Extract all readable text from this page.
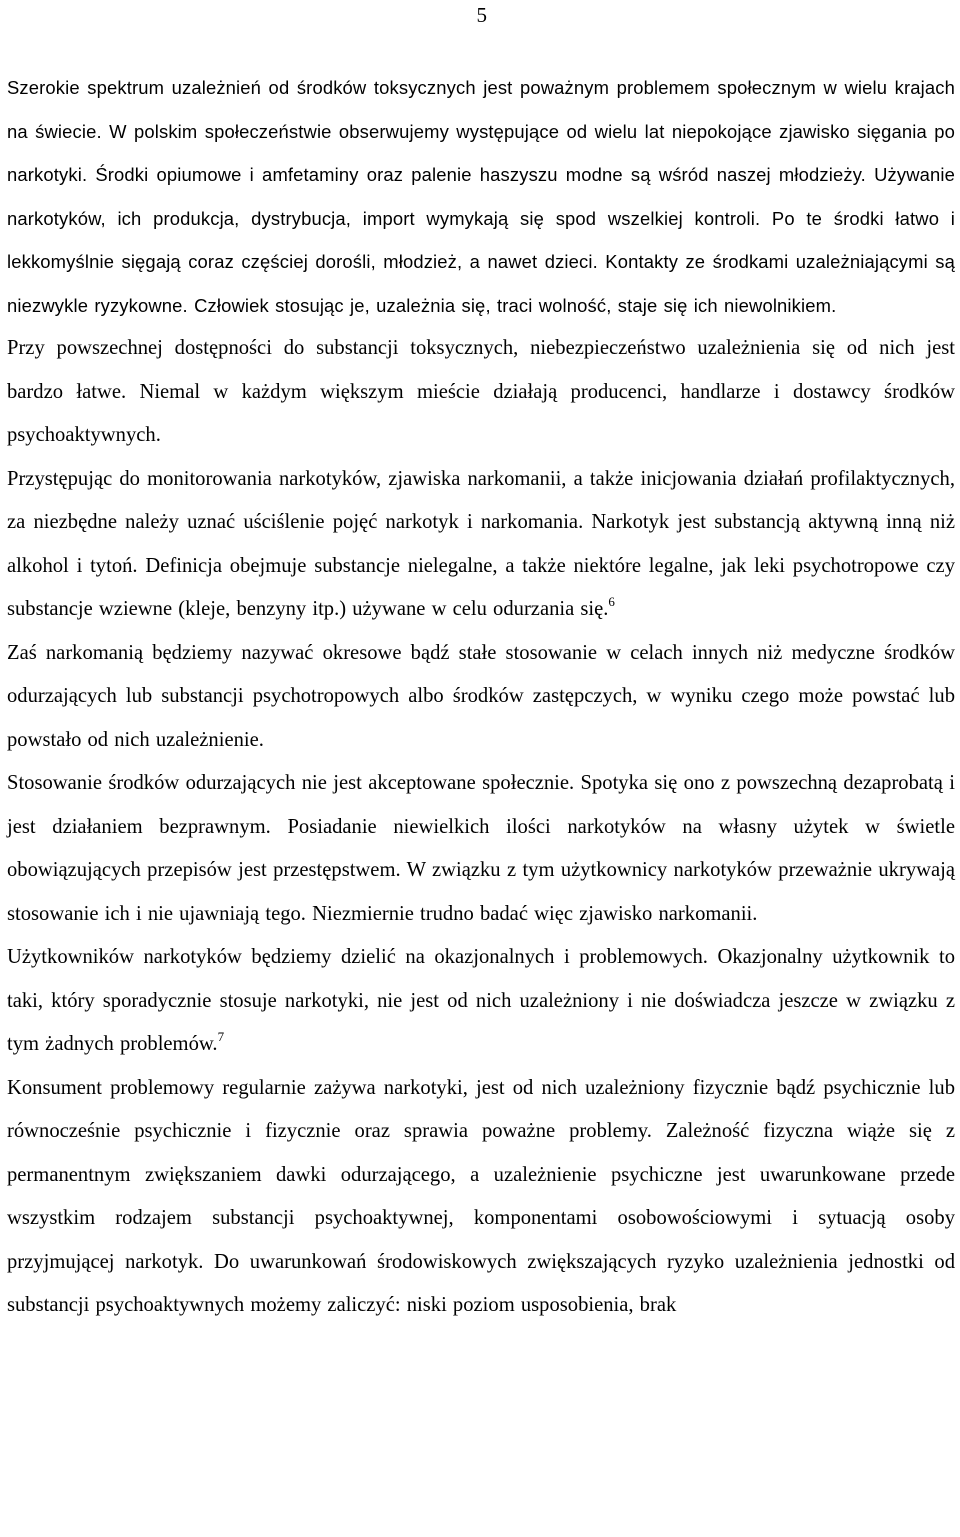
5

Szerokie spektrum uzależnień od środków toksycznych jest poważnym problemem społecznym w wielu krajach na świecie. W polskim społeczeństwie obserwujemy występujące od wielu lat niepokojące zjawisko sięgania po narkotyki. Środki opiumowe i amfetaminy oraz palenie haszyszu modne są wśród naszej młodzieży. Używanie narkotyków, ich produkcja, dystrybucja, import wymykają się spod wszelkiej kontroli. Po te środki łatwo i lekkomyślnie sięgają coraz częściej dorośli, młodzież, a nawet dzieci. Kontakty ze środkami uzależniającymi są niezwykle ryzykowne. Człowiek stosując je, uzależnia się, traci wolność, staje się ich niewolnikiem.

Przy powszechnej dostępności do substancji toksycznych, niebezpieczeństwo uzależnienia się od nich jest bardzo łatwe. Niemal w każdym większym mieście działają producenci, handlarze i dostawcy środków psychoaktywnych.

Przystępując do monitorowania narkotyków, zjawiska narkomanii, a także inicjowania działań profilaktycznych, za niezbędne należy uznać uściślenie pojęć narkotyk i narkomania. Narkotyk jest substancją aktywną inną niż alkohol i tytoń. Definicja obejmuje substancje nielegalne, a także niektóre legalne, jak leki psychotropowe czy substancje wziewne (kleje, benzyny itp.) używane w celu odurzania się.$^6$

Zaś narkomanią będziemy nazywać okresowe bądź stałe stosowanie w celach innych niż medyczne środków odurzających lub substancji psychotropowych albo środków zastępczych, w wyniku czego może powstać lub powstało od nich uzależnienie.

Stosowanie środków odurzających nie jest akceptowane społecznie. Spotyka się ono z powszechną dezaprobatą i jest działaniem bezprawnym. Posiadanie niewielkich ilości narkotyków na własny użytek w świetle obowiązujących przepisów jest przestępstwem. W związku z tym użytkownicy narkotyków przeważnie ukrywają stosowanie ich i nie ujawniają tego. Niezmiernie trudno badać więc zjawisko narkomanii.

Użytkowników narkotyków będziemy dzielić na okazjonalnych i problemowych. Okazjonalny użytkownik to taki, który sporadycznie stosuje narkotyki, nie jest od nich uzależniony i nie doświadcza jeszcze w związku z tym żadnych problemów.$^7$

Konsument problemowy regularnie zażywa narkotyki, jest od nich uzależniony fizycznie bądź psychicznie lub równocześnie psychicznie i fizycznie oraz sprawia poważne problemy. Zależność fizyczna wiąże się z permanentnym zwiększaniem dawki odurzającego, a uzależnienie psychiczne jest uwarunkowane przede wszystkim rodzajem substancji psychoaktywnej, komponentami osobowościowymi i sytuacją osoby przyjmującej narkotyk. Do uwarunkowań środowiskowych zwiększających ryzyko uzależnienia jednostki od substancji psychoaktywnych możemy zaliczyć: niski poziom usposobienia, brak
